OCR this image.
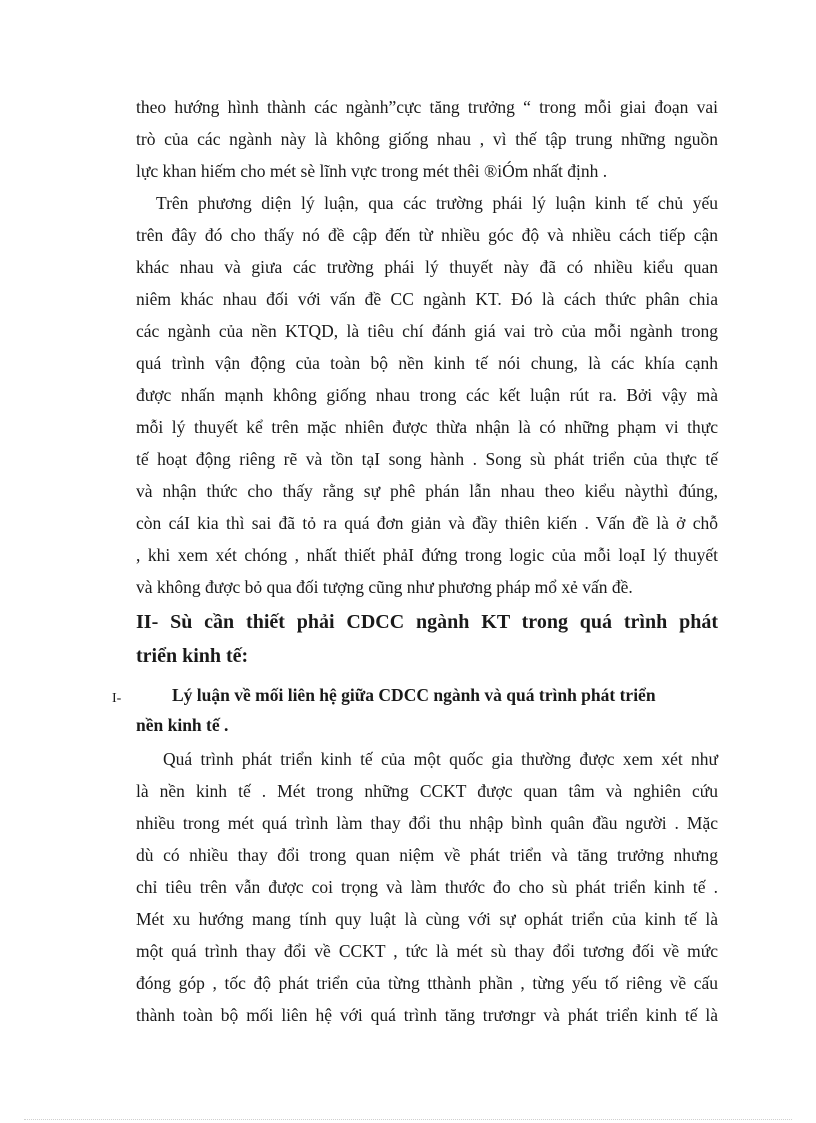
theo hướng hình thành các ngành”cực tăng trưởng “ trong mỗi giai đoạn vai
trò của các ngành này là không giống nhau , vì thế tập trung những nguồn
lực khan hiếm cho mét sè lĩnh vực trong mét thêi ®iÓm nhất định .
Trên phương diện lý luận, qua các trường phái lý luận kinh tế chủ yếu
trên đây đó cho thấy nó đề cập đến từ nhiều góc độ và nhiều cách tiếp cận
khác nhau và giưa các trường phái lý thuyết này đã có nhiều kiểu quan
niêm khác nhau đối với vấn đề CC ngành KT. Đó là cách thức phân chia
các ngành của nền KTQD, là tiêu chí đánh giá vai trò của mỗi ngành trong
quá trình vận động của toàn bộ nền kinh tế nói chung, là các khía cạnh
được nhấn mạnh không giống nhau trong các kết luận rút ra. Bởi vậy mà
mỗi lý thuyết kể trên mặc nhiên được thừa nhận là có những phạm vi thực
tế hoạt động riêng rẽ và tồn tạI song hành . Song sù phát triển của thực tế
và nhận thức cho thấy rằng sự phê phán lẫn nhau theo kiểu nàythì đúng,
còn cáI kia thì sai đã tỏ ra quá đơn giản và đầy thiên kiến . Vấn đề là ở chỗ
, khi xem xét chóng , nhất thiết phảI đứng trong logic của mỗi loạI lý thuyết
và không được bỏ qua đối tượng cũng như phương pháp mổ xẻ vấn đề.
II- Sù cần thiết phải CDCC ngành KT trong quá trình phát
triển kinh tế:
I-	Lý luận về mối liên hệ giữa CDCC ngành và quá trình phát triển
nền kinh tế .
Quá trình phát triển kinh tế của một quốc gia thường được xem xét như
là nền kinh tế . Mét trong những CCKT được quan tâm và nghiên cứu
nhiều trong mét quá trình làm thay đổi thu nhập bình quân đầu người . Mặc
dù có nhiều thay đổi trong quan niệm về phát triển và tăng trưởng nhưng
chỉ tiêu trên vẫn được coi trọng và làm thước đo cho sù phát triển kinh tế .
Mét xu hướng mang tính quy luật là cùng với sự ophát triển của kinh tế là
một quá trình thay đổi về CCKT , tức là mét sù thay đổi tương đối về mức
đóng góp , tốc độ phát triển của từng tthành phần , từng yếu tố riêng về cấu
thành toàn bộ mối liên hệ với quá trình tăng trươngr và phát triển kinh tế là
